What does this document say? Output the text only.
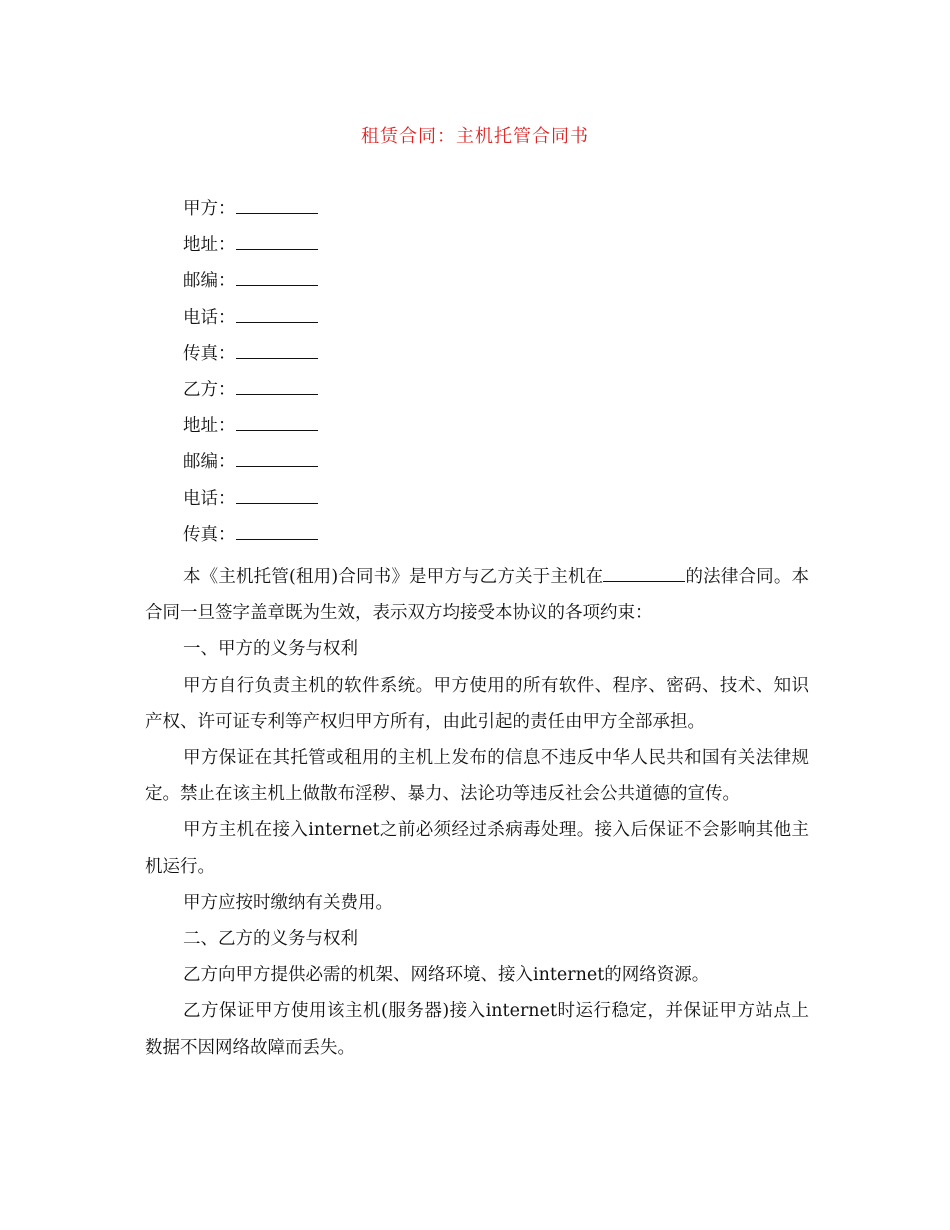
租赁合同：主机托管合同书
甲方：
地址：
邮编：
电话：
传真：
乙方：
地址：
邮编：
电话：
传真：

本《主机托管(租用)合同书》是甲方与乙方关于主机在	的法律合同。本合同一旦签字盖章既为生效，表示双方均接受本协议的各项约束：

一、甲方的义务与权利

甲方自行负责主机的软件系统。甲方使用的所有软件、程序、密码、技术、知识产权、许可证专利等产权归甲方所有，由此引起的责任由甲方全部承担。

甲方保证在其托管或租用的主机上发布的信息不违反中华人民共和国有关法律规定。禁止在该主机上做散布淫秽、暴力、法论功等违反社会公共道德的宣传。

甲方主机在接入internet之前必须经过杀病毒处理。接入后保证不会影响其他主机运行。

甲方应按时缴纳有关费用。

二、乙方的义务与权利

乙方向甲方提供必需的机架、网络环境、接入internet的网络资源。

乙方保证甲方使用该主机(服务器)接入internet时运行稳定，并保证甲方站点上数据不因网络故障而丢失。
